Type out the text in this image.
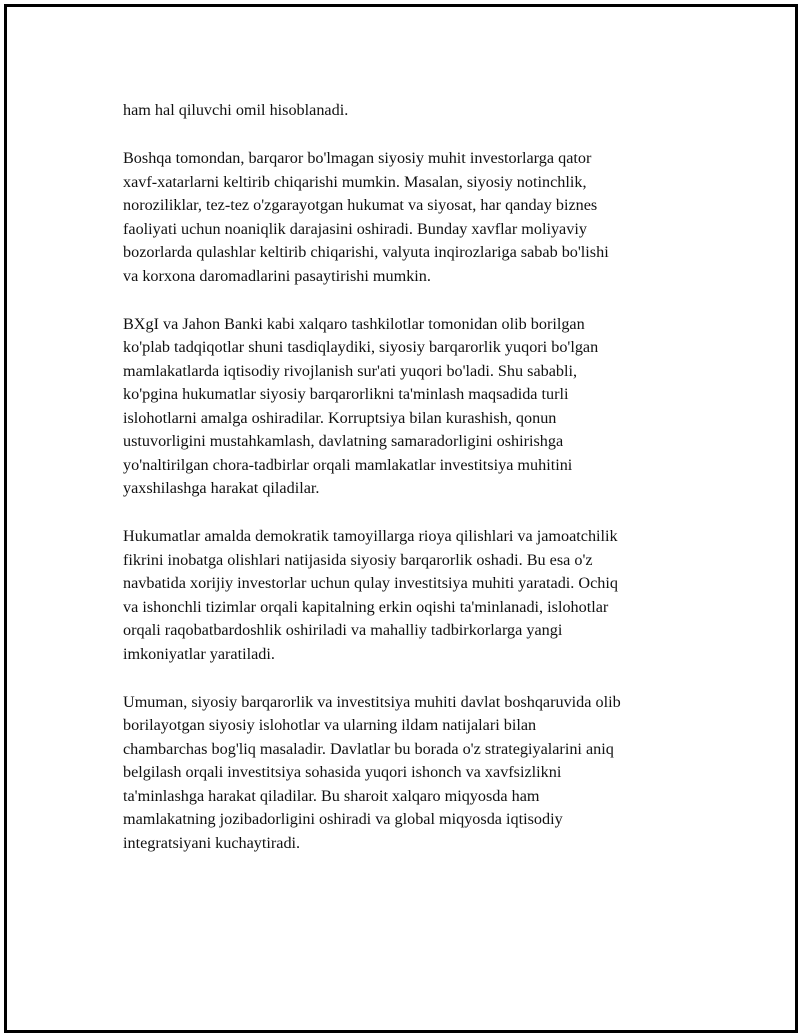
ham hal qiluvchi omil hisoblanadi.
Boshqa tomondan, barqaror bo'lmagan siyosiy muhit investorlarga qator
xavf-xatarlarni keltirib chiqarishi mumkin. Masalan, siyosiy notinchlik,
noroziliklar, tez-tez o'zgarayotgan hukumat va siyosat, har qanday biznes
faoliyati uchun noaniqlik darajasini oshiradi. Bunday xavflar moliyaviy
bozorlarda qulashlar keltirib chiqarishi, valyuta inqirozlariga sabab bo'lishi
va korxona daromadlarini pasaytirishi mumkin.
BXgI va Jahon Banki kabi xalqaro tashkilotlar tomonidan olib borilgan
ko'plab tadqiqotlar shuni tasdiqlaydiki, siyosiy barqarorlik yuqori bo'lgan
mamlakatlarda iqtisodiy rivojlanish sur'ati yuqori bo'ladi. Shu sababli,
ko'pgina hukumatlar siyosiy barqarorlikni ta'minlash maqsadida turli
islohotlarni amalga oshiradilar. Korruptsiya bilan kurashish, qonun
ustuvorligini mustahkamlash, davlatning samaradorligini oshirishga
yo'naltirilgan chora-tadbirlar orqali mamlakatlar investitsiya muhitini
yaxshilashga harakat qiladilar.
Hukumatlar amalda demokratik tamoyillarga rioya qilishlari va jamoatchilik
fikrini inobatga olishlari natijasida siyosiy barqarorlik oshadi. Bu esa o'z
navbatida xorijiy investorlar uchun qulay investitsiya muhiti yaratadi. Ochiq
va ishonchli tizimlar orqali kapitalning erkin oqishi ta'minlanadi, islohotlar
orqali raqobatbardoshlik oshiriladi va mahalliy tadbirkorlarga yangi
imkoniyatlar yaratiladi.
Umuman, siyosiy barqarorlik va investitsiya muhiti davlat boshqaruvida olib
borilayotgan siyosiy islohotlar va ularning ildam natijalari bilan
chambarchas bog'liq masaladir. Davlatlar bu borada o'z strategiyalarini aniq
belgilash orqali investitsiya sohasida yuqori ishonch va xavfsizlikni
ta'minlashga harakat qiladilar. Bu sharoit xalqaro miqyosda ham
mamlakatning jozibadorligini oshiradi va global miqyosda iqtisodiy
integratsiyani kuchaytiradi.
